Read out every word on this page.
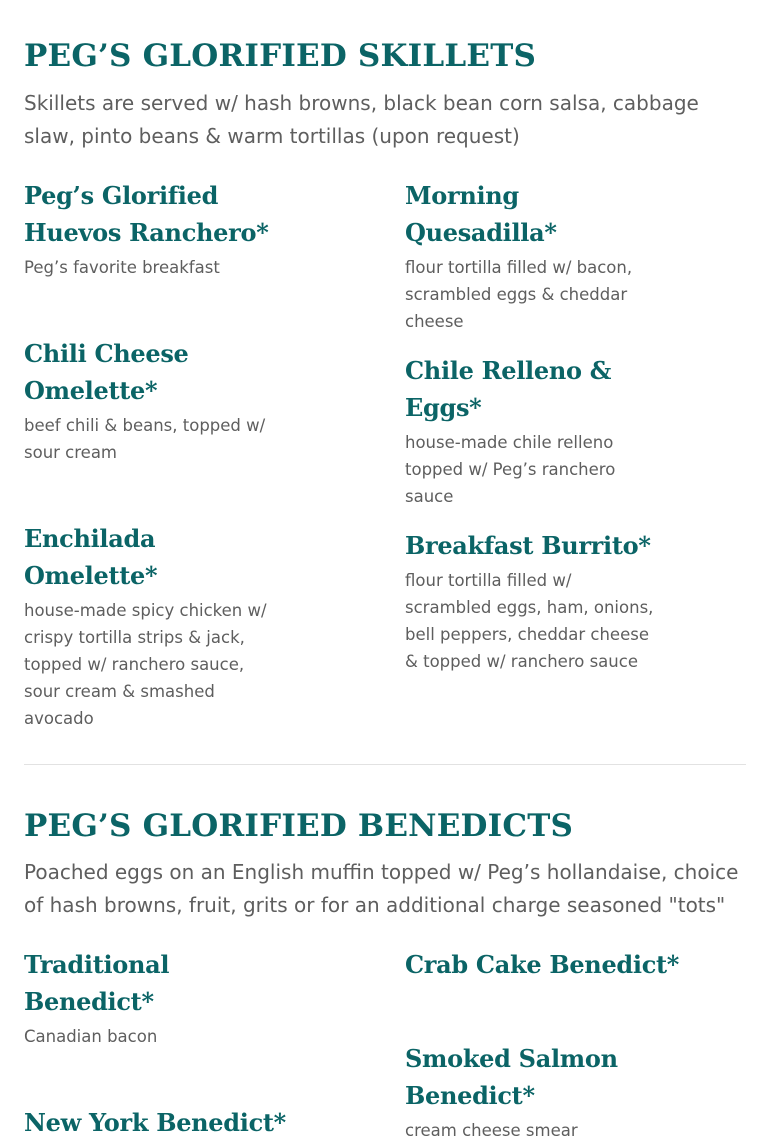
PEG’S GLORIFIED SKILLETS

Skillets are served w/ hash browns, black bean corn salsa, cabbage slaw, pinto beans & warm tortillas (upon request)

Peg’s Glorified
Huevos Ranchero*

Peg’s favorite breakfast

Morning Quesadilla*

flour tortilla filled w/ bacon, scrambled eggs & cheddar cheese

Chili Cheese
Omelette*

beef chili & beans, topped w/ sour cream

Chile Relleno & Eggs*

house-made chile relleno topped w/ Peg’s ranchero sauce

Enchilada Omelette*

house-made spicy chicken w/ crispy tortilla strips & jack, topped w/ ranchero sauce, sour cream & smashed avocado

Breakfast Burrito*

flour tortilla filled w/ scrambled eggs, ham, onions, bell peppers, cheddar cheese & topped w/ ranchero sauce

PEG’S GLORIFIED BENEDICTS

Poached eggs on an English muffin topped w/ Peg’s hollandaise, choice of hash browns, fruit, grits or for an additional charge seasoned "tots"

Traditional
Benedict*

Canadian bacon

Crab Cake Benedict*
Smoked Salmon
Benedict*

cream cheese smear

New York Benedict*
